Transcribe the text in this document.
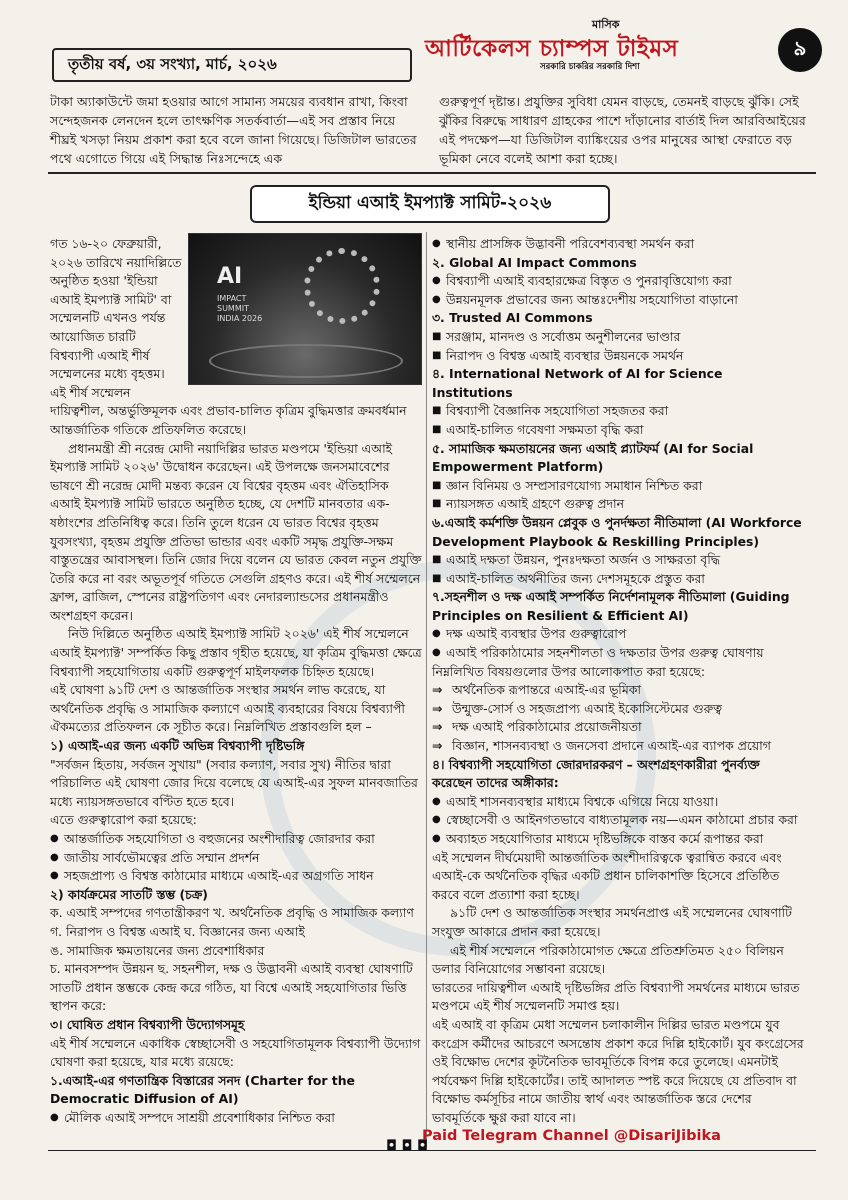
তৃতীয় বর্ষ, ৩য় সংখ্যা, মার্চ, ২০২৬
মাসিক
আর্টিকেলস চ্যাম্পস টাইমস
সরকারি চাকরির সরকারি দিশা
৯

টাকা অ্যাকাউন্টে জমা হওয়ার আগে সামান্য সময়ের ব্যবধান রাখা, কিংবা সন্দেহজনক লেনদেন হলে তাৎক্ষণিক সতর্কবার্তা—এই সব প্রস্তাব নিয়ে শীঘ্রই খসড়া নিয়ম প্রকাশ করা হবে বলে জানা গিয়েছে। ডিজিটাল ভারতের পথে এগোতে গিয়ে এই সিদ্ধান্ত নিঃসন্দেহে এক

গুরুত্বপূর্ণ দৃষ্টান্ত। প্রযুক্তির সুবিধা যেমন বাড়ছে, তেমনই বাড়ছে ঝুঁকি। সেই ঝুঁকির বিরুদ্ধে সাধারণ গ্রাহকের পাশে দাঁড়ানোর বার্তাই দিল আরবিআইয়ের এই পদক্ষেপ—যা ডিজিটাল ব্যাঙ্কিংয়ের ওপর মানুষের আস্থা ফেরাতে বড় ভূমিকা নেবে বলেই আশা করা হচ্ছে।

ইন্ডিয়া এআই ইমপ্যাক্ট সামিট-২০২৬
AI
IMPACT
SUMMIT
INDIA 2026

গত ১৬-২০ ফেব্রুয়ারী, ২০২৬ তারিখে নয়াদিল্লিতে অনুষ্ঠিত হওয়া 'ইন্ডিয়া এআই ইমপ্যাক্ট সামিট' বা সম্মেলনটি এখনও পর্যন্ত আয়োজিত চারটি বিশ্বব্যাপী এআই শীর্ষ সম্মেলনের মধ্যে বৃহত্তম। এই শীর্ষ সম্মেলন দায়িত্বশীল, অন্তর্ভুক্তিমূলক এবং প্রভাব-চালিত কৃত্রিম বুদ্ধিমত্তার ক্রমবর্ধমান আন্তর্জাতিক গতিকে প্রতিফলিত করেছে।

প্রধানমন্ত্রী শ্রী নরেন্দ্র মোদী নয়াদিল্লির ভারত মণ্ডপমে 'ইন্ডিয়া এআই ইমপ্যাক্ট সামিট ২০২৬' উদ্বোধন করেছেন। এই উপলক্ষে জনসমাবেশের ভাষণে শ্রী নরেন্দ্র মোদী মন্তব্য করেন যে বিশ্বের বৃহত্তম এবং ঐতিহাসিক এআই ইমপ্যাক্ট সামিট ভারতে অনুষ্ঠিত হচ্ছে, যে দেশটি মানবতার এক-ষষ্ঠাংশের প্রতিনিধিত্ব করে। তিনি তুলে ধরেন যে ভারত বিশ্বের বৃহত্তম যুবসংখ্যা, বৃহত্তম প্রযুক্তি প্রতিভা ভান্ডার এবং একটি সমৃদ্ধ প্রযুক্তি-সক্ষম বাস্তুতন্ত্রের আবাসস্থল। তিনি জোর দিয়ে বলেন যে ভারত কেবল নতুন প্রযুক্তি তৈরি করে না বরং অভূতপূর্ব গতিতে সেগুলি গ্রহণও করে। এই শীর্ষ সম্মেলনে ফ্রান্স, ব্রাজিল, স্পেনের রাষ্ট্রপতিগণ এবং নেদারল্যান্ডসের প্রধানমন্ত্রীও অংশগ্রহণ করেন।

নিউ দিল্লিতে অনুষ্ঠিত এআই ইমপ্যাক্ট সামিট ২০২৬' এই শীর্ষ সম্মেলনে এআই ইমপ্যাক্ট' সম্পর্কিত কিছু প্রস্তাব গৃহীত হয়েছে, যা কৃত্রিম বুদ্ধিমত্তা ক্ষেত্রে বিশ্বব্যাপী সহযোগিতায় একটি গুরুত্বপূর্ণ মাইলফলক চিহ্নিত হয়েছে।

এই ঘোষণা ৯১টি দেশ ও আন্তর্জাতিক সংস্থার সমর্থন লাভ করেছে, যা অর্থনৈতিক প্রবৃদ্ধি ও সামাজিক কল্যাণে এআই ব্যবহারের বিষয়ে বিশ্বব্যাপী ঐকমত্যের প্রতিফলন কে সূচীত করে। নিম্নলিখিত প্রস্তাবগুলি হল –

১) এআই-এর জন্য একটি অভিন্ন বিশ্বব্যাপী দৃষ্টিভঙ্গি

"সর্বজন হিতায়, সর্বজন সুখায়" (সবার কল্যাণ, সবার সুখ) নীতির দ্বারা পরিচালিত এই ঘোষণা জোর দিয়ে বলেছে যে এআই-এর সুফল মানবজাতির মধ্যে ন্যায়সঙ্গতভাবে বণ্টিত হতে হবে।

এতে গুরুত্বারোপ করা হয়েছে:

● আন্তর্জাতিক সহযোগিতা ও বহুজনের অংশীদারিত্ব জোরদার করা

● জাতীয় সার্বভৌমত্বের প্রতি সম্মান প্রদর্শন

● সহজপ্রাপ্য ও বিশ্বস্ত কাঠামোর মাধ্যমে এআই-এর অগ্রগতি সাধন

২) কার্যক্রমের সাতটি স্তম্ভ (চক্র)

ক. এআই সম্পদের গণতান্ত্রীকরণ খ. অর্থনৈতিক প্রবৃদ্ধি ও সামাজিক কল্যাণ

গ. নিরাপদ ও বিশ্বস্ত এআই ঘ. বিজ্ঞানের জন্য এআই

ঙ. সামাজিক ক্ষমতায়নের জন্য প্রবেশাধিকার

চ. মানবসম্পদ উন্নয়ন ছ. সহনশীল, দক্ষ ও উদ্ভাবনী এআই ব্যবস্থা ঘোষণাটি সাতটি প্রধান স্তম্ভকে কেন্দ্র করে গঠিত, যা বিশ্বে এআই সহযোগিতার ভিত্তি স্থাপন করে:

৩। ঘোষিত প্রধান বিশ্বব্যাপী উদ্যোগসমূহ

এই শীর্ষ সম্মেলনে একাধিক স্বেচ্ছাসেবী ও সহযোগিতামূলক বিশ্বব্যাপী উদ্যোগ ঘোষণা করা হয়েছে, যার মধ্যে রয়েছে:

১.এআই-এর গণতান্ত্রিক বিস্তারের সনদ (Charter for the Democratic Diffusion of AI)

● মৌলিক এআই সম্পদে সাশ্রয়ী প্রবেশাধিকার নিশ্চিত করা

● স্থানীয় প্রাসঙ্গিক উদ্ভাবনী পরিবেশব্যবস্থা সমর্থন করা

২. Global AI Impact Commons

● বিশ্বব্যাপী এআই ব্যবহারক্ষেত্র বিস্তৃত ও পুনরাবৃত্তিযোগ্য করা

● উন্নয়নমূলক প্রভাবের জন্য আন্তঃদেশীয় সহযোগিতা বাড়ানো

৩. Trusted AI Commons

■ সরঞ্জাম, মানদণ্ড ও সর্বোত্তম অনুশীলনের ভাণ্ডার

■ নিরাপদ ও বিশ্বস্ত এআই ব্যবস্থার উন্নয়নকে সমর্থন

৪. International Network of AI for Science Institutions

■ বিশ্বব্যাপী বৈজ্ঞানিক সহযোগিতা সহজতর করা

■ এআই-চালিত গবেষণা সক্ষমতা বৃদ্ধি করা

৫. সামাজিক ক্ষমতায়নের জন্য এআই প্ল্যাটফর্ম (AI for Social Empowerment Platform)

■ জ্ঞান বিনিময় ও সম্প্রসারণযোগ্য সমাধান নিশ্চিত করা

■ ন্যায়সঙ্গত এআই গ্রহণে গুরুত্ব প্রদান

৬.এআই কর্মশক্তি উন্নয়ন প্লেবুক ও পুনর্দক্ষতা নীতিমালা (AI Workforce Development Playbook & Reskilling Principles)

■ এআই দক্ষতা উন্নয়ন, পুনঃদক্ষতা অর্জন ও সাক্ষরতা বৃদ্ধি

■ এআই-চালিত অর্থনীতির জন্য দেশসমূহকে প্রস্তুত করা

৭.সহনশীল ও দক্ষ এআই সম্পর্কিত নির্দেশনামূলক নীতিমালা (Guiding Principles on Resilient & Efficient AI)

● দক্ষ এআই ব্যবস্থার উপর গুরুত্বারোপ

● এআই পরিকাঠামোর সহনশীলতা ও দক্ষতার উপর গুরুত্ব ঘোষণায়

নিম্নলিখিত বিষয়গুলোর উপর আলোকপাত করা হয়েছে:

⇒ অর্থনৈতিক রূপান্তরে এআই-এর ভূমিকা

⇒ উন্মুক্ত-সোর্স ও সহজপ্রাপ্য এআই ইকোসিস্টেমের গুরুত্ব

⇒ দক্ষ এআই পরিকাঠামোর প্রয়োজনীয়তা

⇒ বিজ্ঞান, শাসনব্যবস্থা ও জনসেবা প্রদানে এআই-এর ব্যাপক প্রয়োগ

৪। বিশ্বব্যাপী সহযোগিতা জোরদারকরণ – অংশগ্রহণকারীরা পুনর্ব্যক্ত করেছেন তাদের অঙ্গীকার:

● এআই শাসনব্যবস্থার মাধ্যমে বিশ্বকে এগিয়ে নিয়ে যাওয়া।

● স্বেচ্ছাসেবী ও আইনগতভাবে বাধ্যতামূলক নয়—এমন কাঠামো প্রচার করা

● অব্যাহত সহযোগিতার মাধ্যমে দৃষ্টিভঙ্গিকে বাস্তব কর্মে রূপান্তর করা

এই সম্মেলন দীর্ঘমেয়াদী আন্তর্জাতিক অংশীদারিত্বকে ত্বরান্বিত করবে এবং এআই-কে অর্থনৈতিক বৃদ্ধির একটি প্রধান চালিকাশক্তি হিসেবে প্রতিষ্ঠিত করবে বলে প্রত্যাশা করা হচ্ছে।

৯১টি দেশ ও আন্তর্জাতিক সংস্থার সমর্থনপ্রাপ্ত এই সম্মেলনের ঘোষণাটি সংযুক্ত আকারে প্রদান করা হয়েছে।

এই শীর্ষ সম্মেলনে পরিকাঠামোগত ক্ষেত্রে প্রতিশ্রুতিমত ২৫০ বিলিয়ন ডলার বিনিয়োগের সম্ভাবনা রয়েছে।

ভারতের দায়িত্বশীল এআই দৃষ্টিভঙ্গির প্রতি বিশ্বব্যাপী সমর্থনের মাধ্যমে ভারত মণ্ডপমে এই শীর্ষ সম্মেলনটি সমাপ্ত হয়।

এই এআই বা কৃত্রিম মেধা সম্মেলন চলাকালীন দিল্লির ভারত মণ্ডপমে যুব কংগ্রেস কর্মীদের আচরণে অসন্তোষ প্রকাশ করে দিল্লি হাইকোর্ট। যুব কংগ্রেসের ওই বিক্ষোভ দেশের কূটনৈতিক ভাবমূর্তিকে বিপন্ন করে তুলেছে। এমনটাই পর্যবেক্ষণ দিল্লি হাইকোর্টের। তাই আদালত স্পষ্ট করে দিয়েছে যে প্রতিবাদ বা বিক্ষোভ কর্মসূচির নামে জাতীয় স্বার্থ এবং আন্তর্জাতিক স্তরে দেশের ভাবমূর্তিকে ক্ষুণ্ণ করা যাবে না।

◘ ◘ ◘
Paid Telegram Channel @DisariJibika
